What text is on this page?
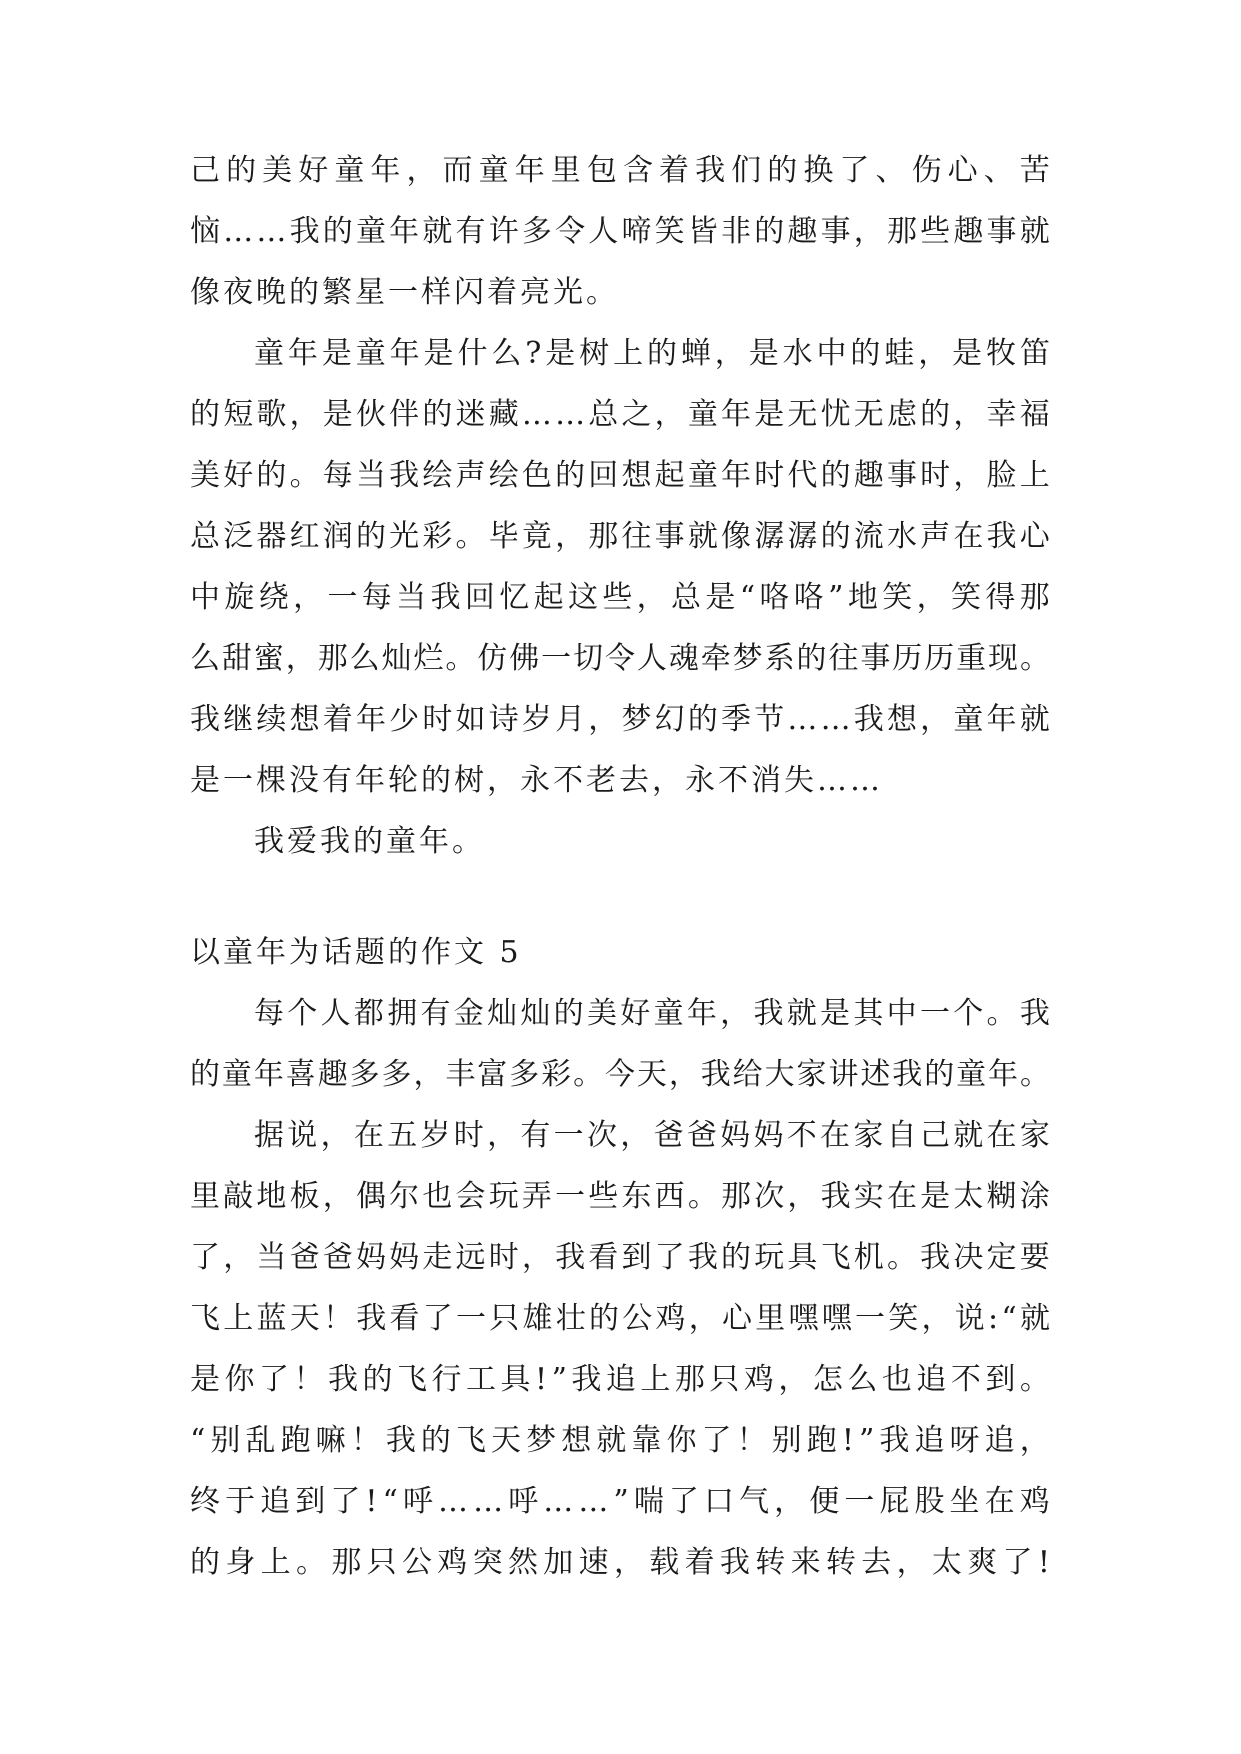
己 的 美 好 童 年 ， 而 童 年 里 包 含 着 我 们 的 换 了 、 伤 心 、 苦

恼 … … 我 的 童 年 就 有 许 多 令 人 啼 笑 皆 非 的 趣 事 ， 那 些 趣 事 就

像夜晚的繁星一样闪着亮光。

童 年 是 童 年 是 什 么 ? 是 树 上 的 蝉 ， 是 水 中 的 蛙 ， 是 牧 笛

的 短 歌 ， 是 伙 伴 的 迷 藏 … … 总 之 ， 童 年 是 无 忧 无 虑 的 ， 幸 福

美 好 的 。 每 当 我 绘 声 绘 色 的 回 想 起 童 年 时 代 的 趣 事 时 ， 脸 上

总 泛 器 红 润 的 光 彩 。 毕 竟 ， 那 往 事 就 像 潺 潺 的 流 水 声 在 我 心

中 旋 绕 ， 一 每 当 我 回 忆 起 这 些 ， 总 是 “ 咯 咯 ” 地 笑 ， 笑 得 那

么 甜 蜜 ， 那 么 灿 烂 。 仿 佛 一 切 令 人 魂 牵 梦 系 的 往 事 历 历 重 现 。

我 继 续 想 着 年 少 时 如 诗 岁 月 ， 梦 幻 的 季 节 … … 我 想 ， 童 年 就

是一棵没有年轮的树，永不老去，永不消失……

我爱我的童年。

以童年为话题的作文 5

每 个 人 都 拥 有 金 灿 灿 的 美 好 童 年 ， 我 就 是 其 中 一 个 。 我

的 童 年 喜 趣 多 多 ， 丰 富 多 彩 。 今 天 ， 我 给 大 家 讲 述 我 的 童 年 。

据 说 ， 在 五 岁 时 ， 有 一 次 ， 爸 爸 妈 妈 不 在 家 自 己 就 在 家

里 敲 地 板 ， 偶 尔 也 会 玩 弄 一 些 东 西 。 那 次 ， 我 实 在 是 太 糊 涂

了 ， 当 爸 爸 妈 妈 走 远 时 ， 我 看 到 了 我 的 玩 具 飞 机 。 我 决 定 要

飞 上 蓝 天 ！ 我 看 了 一 只 雄 壮 的 公 鸡 ， 心 里 嘿 嘿 一 笑 ， 说 : “ 就

是 你 了 ！ 我 的 飞 行 工 具 ! ” 我 追 上 那 只 鸡 ， 怎 么 也 追 不 到 。

“ 别 乱 跑 嘛 ！ 我 的 飞 天 梦 想 就 靠 你 了 ！ 别 跑 ! ” 我 追 呀 追 ，

终 于 追 到 了 ! “ 呼 … … 呼 … … ” 喘 了 口 气 ， 便 一 屁 股 坐 在 鸡

的 身 上 。 那 只 公 鸡 突 然 加 速 ， 载 着 我 转 来 转 去 ， 太 爽 了 !
